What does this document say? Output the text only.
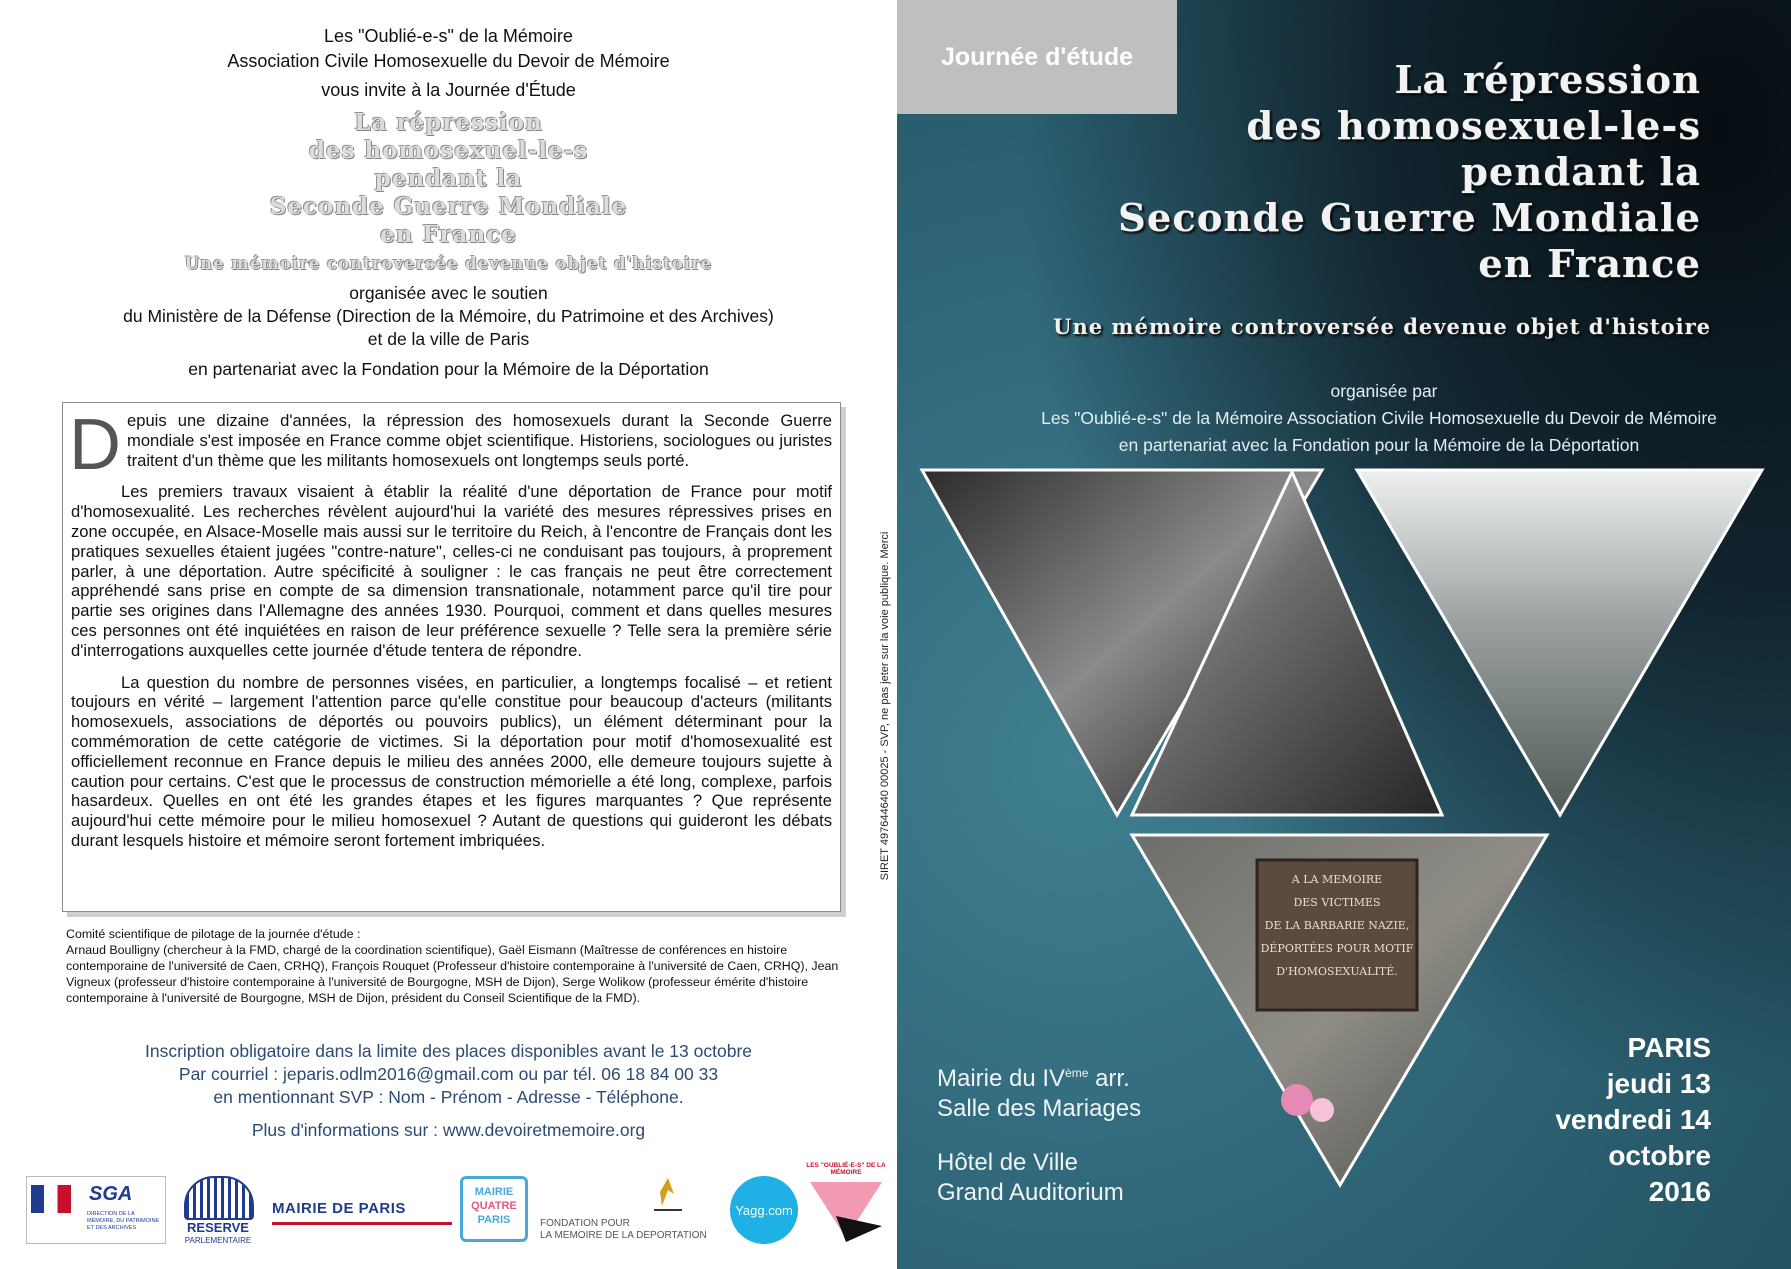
Les "Oublié-e-s" de la Mémoire
Association Civile Homosexuelle du Devoir de Mémoire
vous invite à la Journée d'Étude
La répression
des homosexuel-le-s
pendant la
Seconde Guerre Mondiale
en France
Une mémoire controversée devenue objet d'histoire
organisée avec le soutien
du Ministère de la Défense (Direction de la Mémoire, du Patrimoine et des Archives)
et de la ville de Paris
en partenariat avec la Fondation pour la Mémoire de la Déportation
D epuis une dizaine d'années, la répression des homosexuels durant la Seconde Guerre mondiale s'est imposée en France comme objet scientifique. Historiens, sociologues ou juristes traitent d'un thème que les militants homosexuels ont longtemps seuls porté.

Les premiers travaux visaient à établir la réalité d'une déportation de France pour motif d'homosexualité. Les recherches révèlent aujourd'hui la variété des mesures répressives prises en zone occupée, en Alsace-Moselle mais aussi sur le territoire du Reich, à l'encontre de Français dont les pratiques sexuelles étaient jugées "contre-nature", celles-ci ne conduisant pas toujours, à proprement parler, à une déportation. Autre spécificité à souligner : le cas français ne peut être correctement appréhendé sans prise en compte de sa dimension transnationale, notamment parce qu'il tire pour partie ses origines dans l'Allemagne des années 1930. Pourquoi, comment et dans quelles mesures ces personnes ont été inquiétées en raison de leur préférence sexuelle ? Telle sera la première série d'interrogations auxquelles cette journée d'étude tentera de répondre.

La question du nombre de personnes visées, en particulier, a longtemps focalisé – et retient toujours en vérité – largement l'attention parce qu'elle constitue pour beaucoup d'acteurs (militants homosexuels, associations de déportés ou pouvoirs publics), un élément déterminant pour la commémoration de cette catégorie de victimes. Si la déportation pour motif d'homosexualité est officiellement reconnue en France depuis le milieu des années 2000, elle demeure toujours sujette à caution pour certains. C'est que le processus de construction mémorielle a été long, complexe, parfois hasardeux. Quelles en ont été les grandes étapes et les figures marquantes ? Que représente aujourd'hui cette mémoire pour le milieu homosexuel ? Autant de questions qui guideront les débats durant lesquels histoire et mémoire seront fortement imbriquées.	SIRET 497644640 00025 - SVP, ne pas jeter sur la voie publique. Merci
Comité scientifique de pilotage de la journée d'étude :
Arnaud Boulligny (chercheur à la FMD, chargé de la coordination scientifique), Gaël Eismann (Maîtresse de conférences en histoire contemporaine de l'université de Caen, CRHQ), François Rouquet (Professeur d'histoire contemporaine à l'université de Caen, CRHQ), Jean Vigneux (professeur d'histoire contemporaine à l'université de Bourgogne, MSH de Dijon), Serge Wolikow (professeur émérite d'histoire contemporaine à l'université de Bourgogne, MSH de Dijon, président du Conseil Scientifique de la FMD).
Inscription obligatoire dans la limite des places disponibles avant le 13 octobre
Par courriel : jeparis.odlm2016@gmail.com ou par tél. 06 18 84 00 33
en mentionnant SVP : Nom - Prénom - Adresse - Téléphone.
Plus d'informations sur : www.devoiretmemoire.org
SGA
DIRECTION DE LA MÉMOIRE, DU PATRIMOINE ET DES ARCHIVES	RESERVE
PARLEMENTAIRE
MAIRIE DE PARIS
MAIRIE
QUATRE
PARIS	FONDATION POUR
LA MEMOIRE DE LA DEPORTATION
Yagg.com
LES "OUBLIÉ-E-S" DE LA MÉMOIRE
Journée d'étude
La répression
des homosexuel-le-s
pendant la
Seconde Guerre Mondiale
en France
Une mémoire controversée devenue objet d'histoire
organisée par
Les "Oublié-e-s" de la Mémoire Association Civile Homosexuelle du Devoir de Mémoire
en partenariat avec la Fondation pour la Mémoire de la Déportation
A LA MEMOIRE
DES VICTIMES
DE LA BARBARIE NAZIE,
DÉPORTÉES POUR MOTIF
D'HOMOSEXUALITÉ.
Mairie du IVème arr.
Salle des Mariages
Hôtel de Ville
Grand Auditorium
PARIS
jeudi 13
vendredi 14
octobre
2016
